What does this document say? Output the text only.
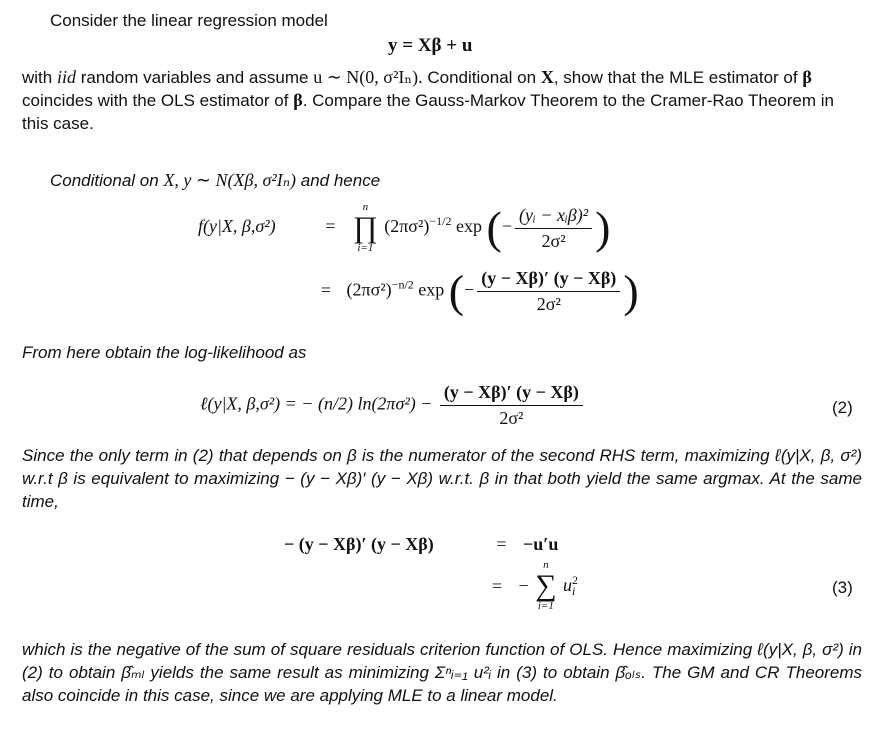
Consider the linear regression model
y = Xβ + u
with iid random variables and assume u ∼ N(0, σ²Iₙ). Conditional on X, show that the MLE estimator of β coincides with the OLS estimator of β. Compare the Gauss-Markov Theorem to the Cramer-Rao Theorem in this case.
Conditional on X, y ∼ N(Xβ, σ²Iₙ) and hence
f(y|X, β,σ²)	=
n
∏
i=1
$(2\pi\sigma^2)^{-1/2}$ exp (− $\frac{\text{(yᵢ − xᵢβ)²}}{\text{2σ²}}$ )
= $(2\pi\sigma^2)^{-n/2}$ exp (− $\frac{(y - X\beta)' (y - X\beta)}{\text{2σ²}}$ )
From here obtain the log-likelihood as
ℓ(y|X, β,σ²) = − (n/2) $\ln(2\pi\sigma^2) - \frac{(y - X\beta)' (y - X\beta)}{\text{2σ²}}$	(2)
Since the only term in (2) that depends on β is the numerator of the second RHS term, maximizing ℓ(y|X, β, σ²) w.r.t β is equivalent to maximizing − (y − Xβ)′ (y − Xβ) w.r.t. β in that both yield the same argmax. At the same time,
− (y − Xβ)′ (y − Xβ)	= −u′u
= −
n
∑
i=1
$u^2_i$	(3)
which is the negative of the sum of square residuals criterion function of OLS. Hence maximizing ℓ(y|X, β, σ²) in (2) to obtain β̂ₘₗ yields the same result as minimizing Σⁿᵢ₌₁ u²ᵢ in (3) to obtain β̂ₒₗₛ. The GM and CR Theorems also coincide in this case, since we are applying MLE to a linear model.
